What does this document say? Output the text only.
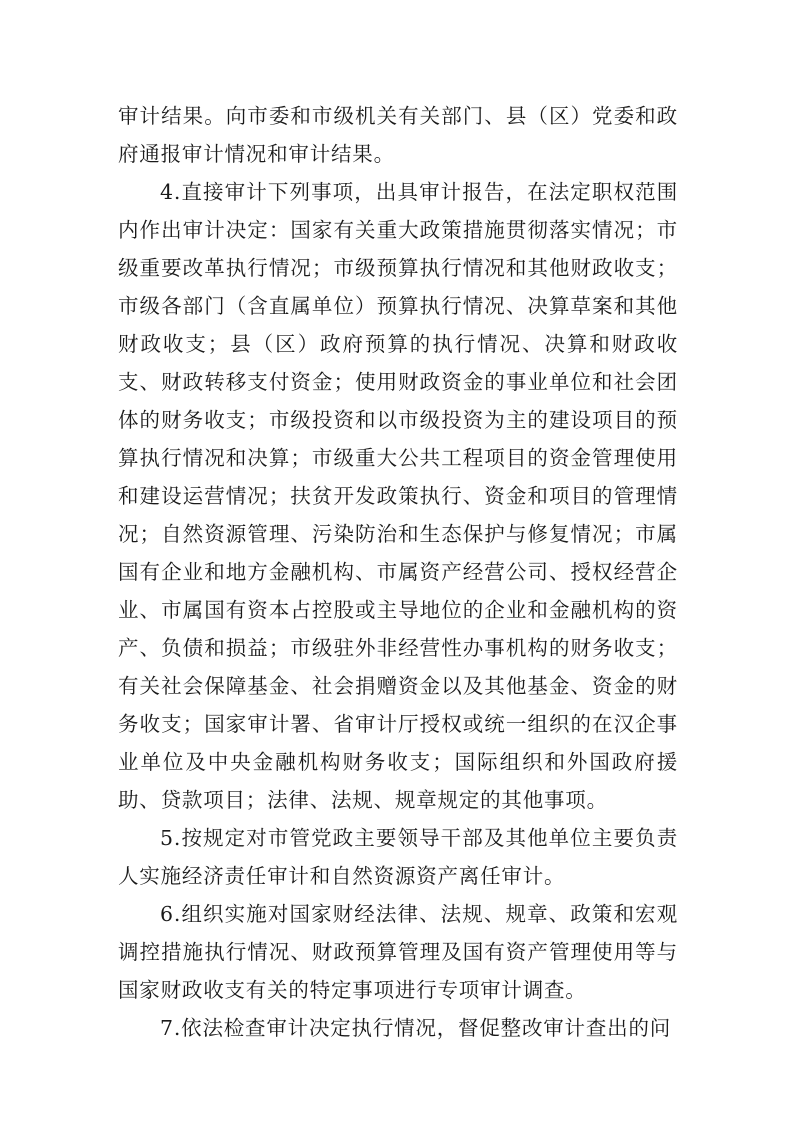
审计结果。向市委和市级机关有关部门、县（区）党委和政府通报审计情况和审计结果。

4.直接审计下列事项，出具审计报告，在法定职权范围内作出审计决定：国家有关重大政策措施贯彻落实情况；市级重要改革执行情况；市级预算执行情况和其他财政收支；市级各部门（含直属单位）预算执行情况、决算草案和其他财政收支；县（区）政府预算的执行情况、决算和财政收支、财政转移支付资金；使用财政资金的事业单位和社会团体的财务收支；市级投资和以市级投资为主的建设项目的预算执行情况和决算；市级重大公共工程项目的资金管理使用和建设运营情况；扶贫开发政策执行、资金和项目的管理情况；自然资源管理、污染防治和生态保护与修复情况；市属国有企业和地方金融机构、市属资产经营公司、授权经营企业、市属国有资本占控股或主导地位的企业和金融机构的资产、负债和损益；市级驻外非经营性办事机构的财务收支；有关社会保障基金、社会捐赠资金以及其他基金、资金的财务收支；国家审计署、省审计厅授权或统一组织的在汉企事业单位及中央金融机构财务收支；国际组织和外国政府援助、贷款项目；法律、法规、规章规定的其他事项。

5.按规定对市管党政主要领导干部及其他单位主要负责人实施经济责任审计和自然资源资产离任审计。

6.组织实施对国家财经法律、法规、规章、政策和宏观调控措施执行情况、财政预算管理及国有资产管理使用等与国家财政收支有关的特定事项进行专项审计调查。

7.依法检查审计决定执行情况，督促整改审计查出的问
